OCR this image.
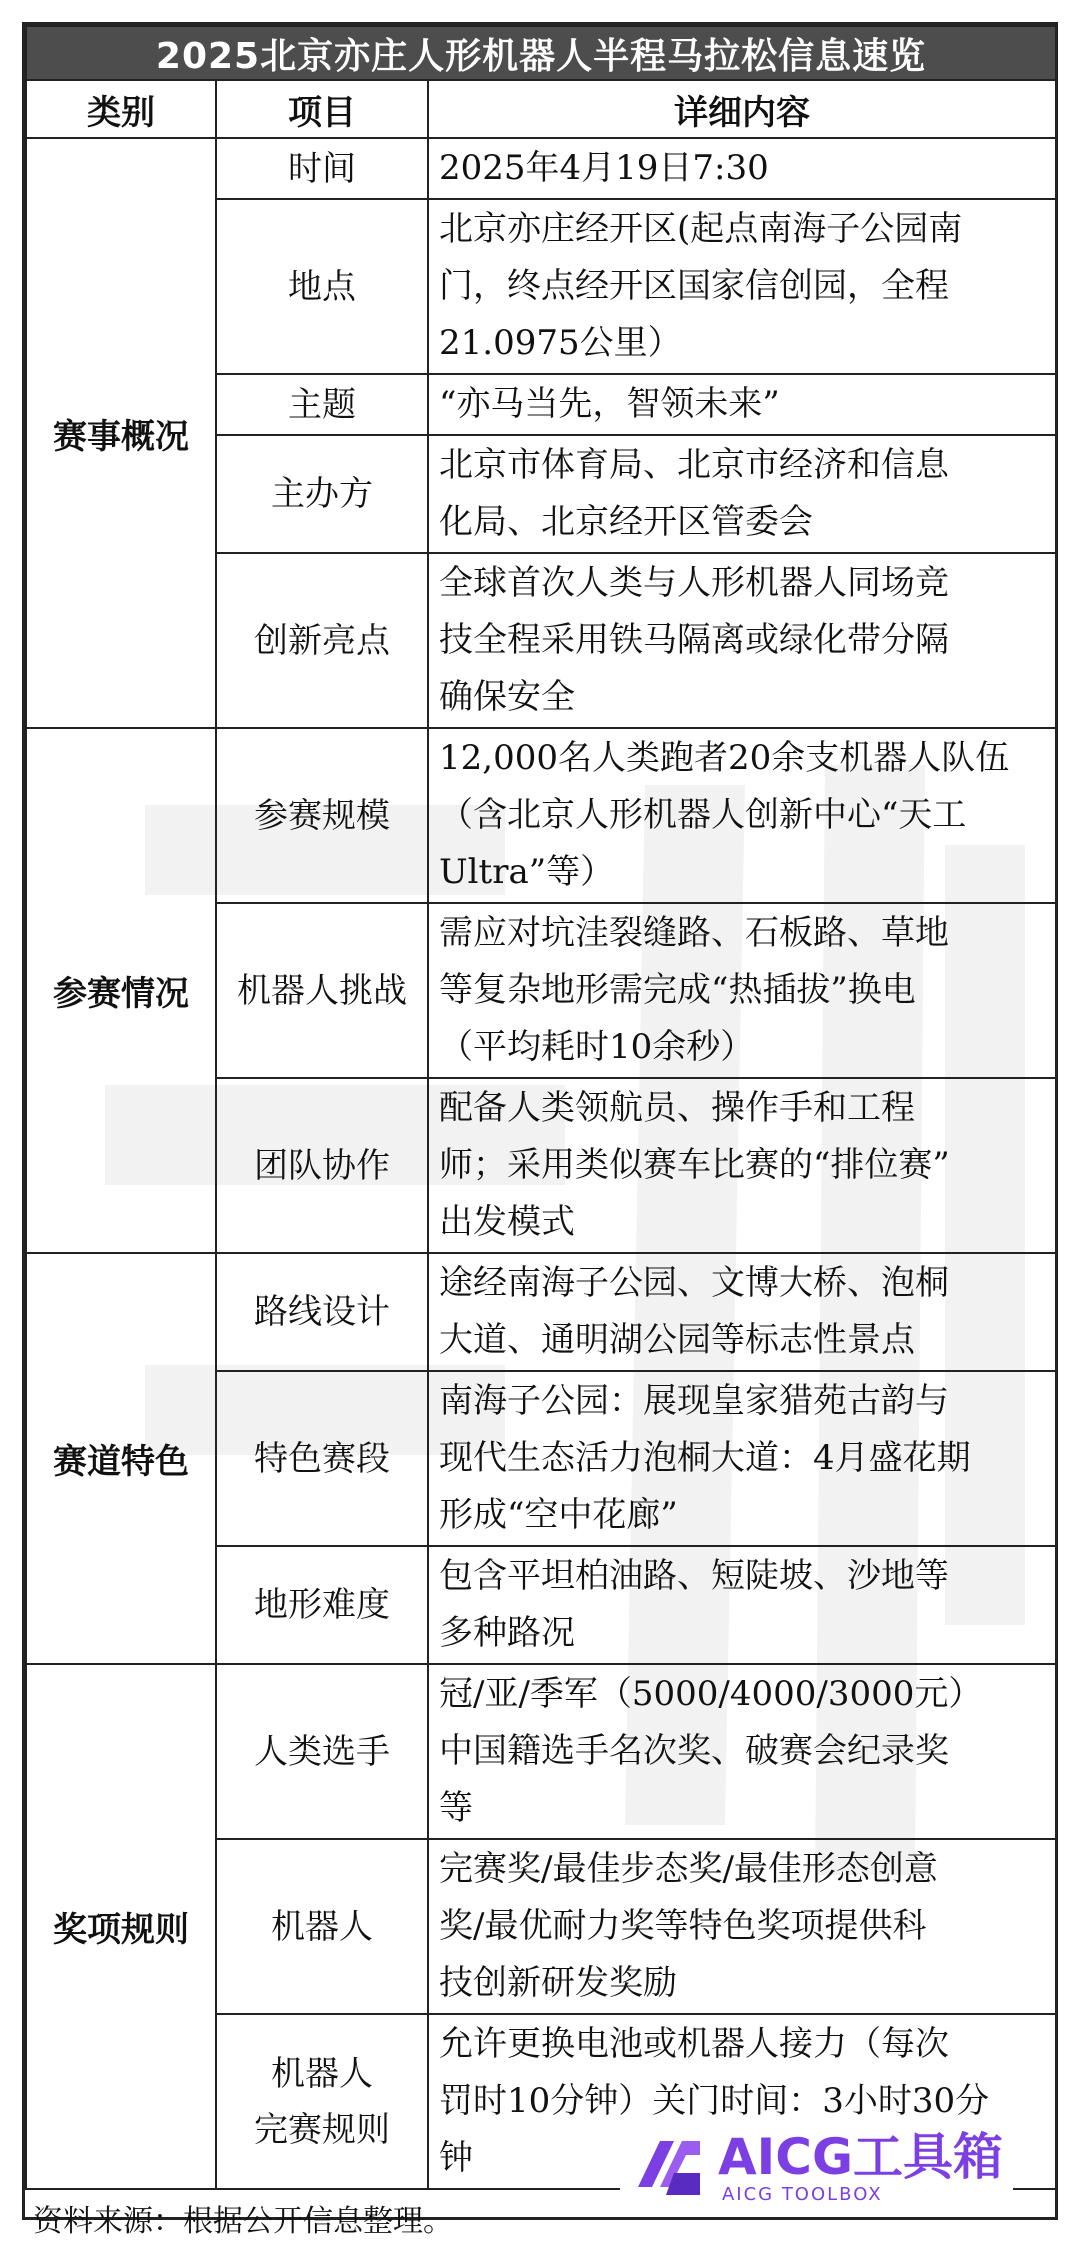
2025北京亦庄人形机器人半程马拉松信息速览		
类别	项目	详细内容
赛事概况	时间	2025年4月19日7:30
	地点	北京亦庄经开区(起点南海子公园南
门，终点经开区国家信创园，全程
21.0975公里）
	主题	“亦马当先，智领未来”
	主办方	北京市体育局、北京市经济和信息
化局、北京经开区管委会
	创新亮点	全球首次人类与人形机器人同场竞
技全程采用铁马隔离或绿化带分隔
确保安全
参赛情况	参赛规模	12,000名人类跑者20余支机器人队伍
（含北京人形机器人创新中心“天工
Ultra”等）
	机器人挑战	需应对坑洼裂缝路、石板路、草地
等复杂地形需完成“热插拔”换电
（平均耗时10余秒）
	团队协作	配备人类领航员、操作手和工程
师；采用类似赛车比赛的“排位赛”
出发模式
赛道特色	路线设计	途经南海子公园、文博大桥、泡桐
大道、通明湖公园等标志性景点
	特色赛段	南海子公园：展现皇家猎苑古韵与
现代生态活力泡桐大道：4月盛花期
形成“空中花廊”
	地形难度	包含平坦柏油路、短陡坡、沙地等
多种路况
奖项规则	人类选手	冠/亚/季军（5000/4000/3000元）
中国籍选手名次奖、破赛会纪录奖
等
	机器人	完赛奖/最佳步态奖/最佳形态创意
奖/最优耐力奖等特色奖项提供科
技创新研发奖励
	机器人
完赛规则	允许更换电池或机器人接力（每次
罚时10分钟）关门时间：3小时30分
钟
资料来源：根据公开信息整理。
AICG工具箱
AICG TOOLBOX
